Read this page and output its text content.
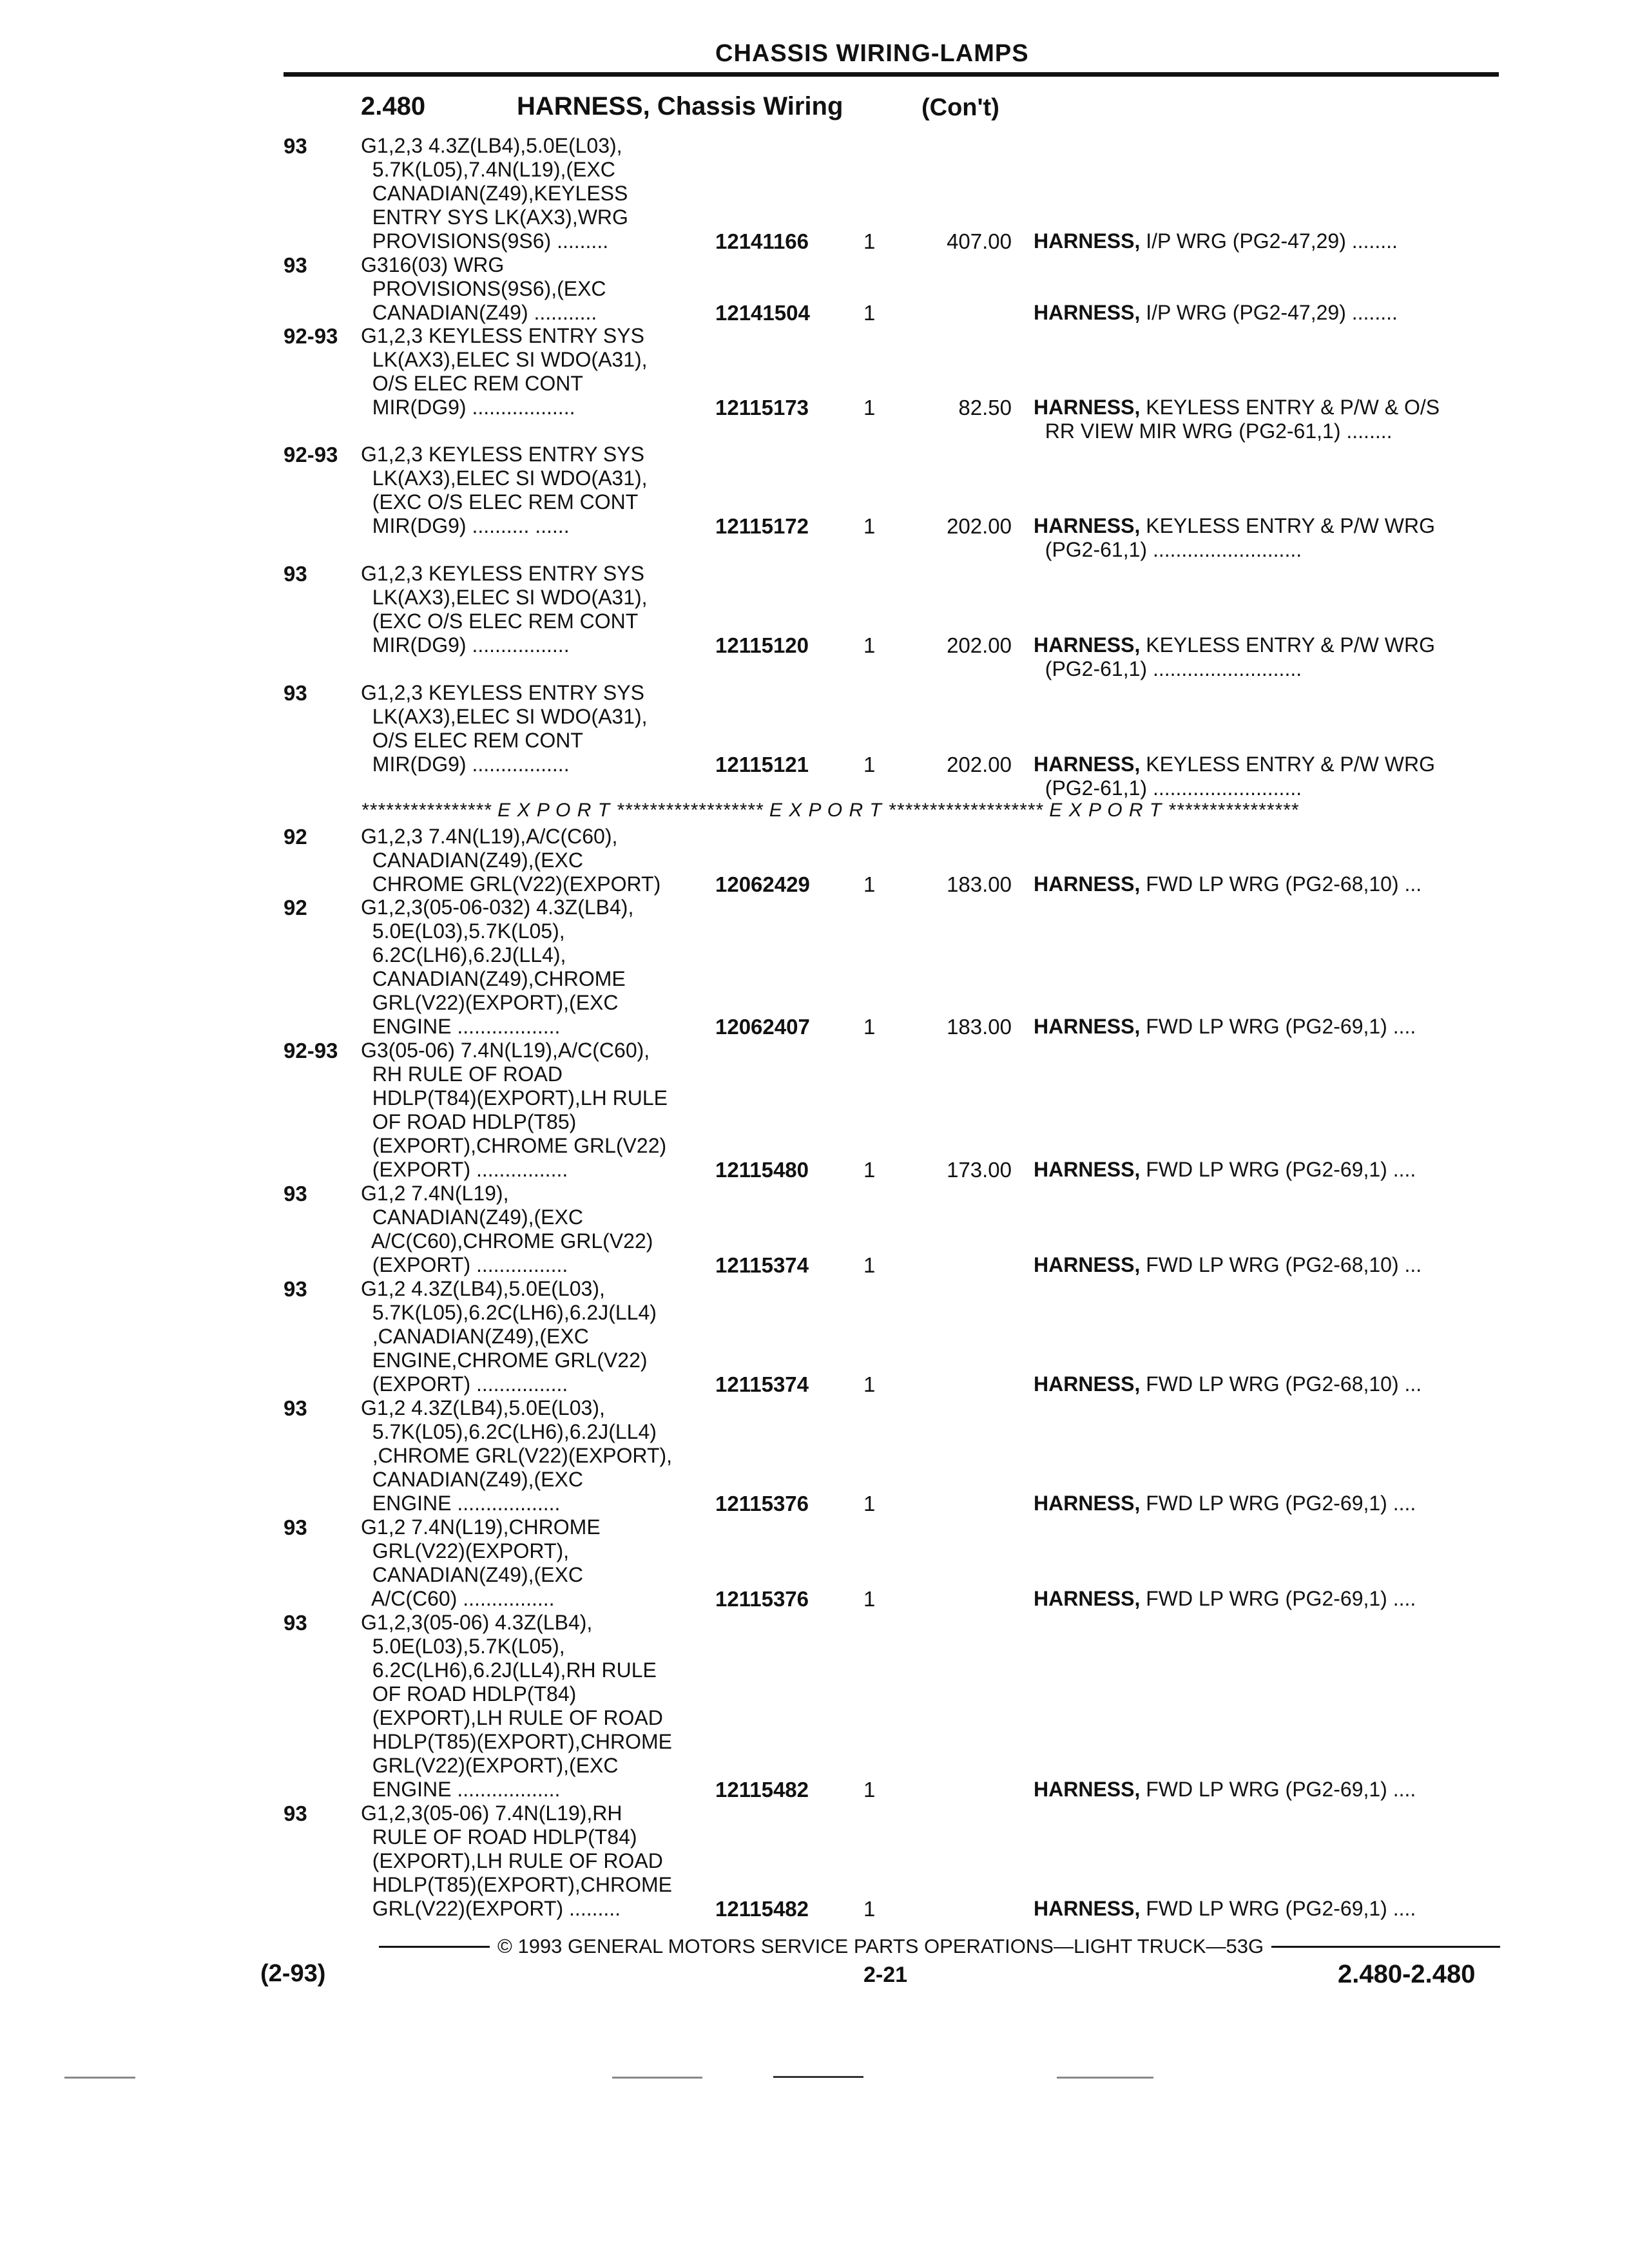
CHASSIS WIRING-LAMPS
2.480	HARNESS, Chassis Wiring	(Con't)
93	G1,2,3 4.3Z(LB4),5.0E(L03),
5.7K(L05),7.4N(L19),(EXC
CANADIAN(Z49),KEYLESS
ENTRY SYS LK(AX3),WRG
PROVISIONS(9S6) .........	12141166	1	407.00 HARNESS, I/P WRG (PG2-47,29) ........
93	G316(03) WRG
PROVISIONS(9S6),(EXC
CANADIAN(Z49) ...........	12141504	1	HARNESS, I/P WRG (PG2-47,29) ........
92-93	G1,2,3 KEYLESS ENTRY SYS
LK(AX3),ELEC SI WDO(A31),
O/S ELEC REM CONT
MIR(DG9) ..................	12115173	1	82.50 HARNESS, KEYLESS ENTRY & P/W & O/S
RR VIEW MIR WRG (PG2-61,1) ........
92-93	G1,2,3 KEYLESS ENTRY SYS
LK(AX3),ELEC SI WDO(A31),
(EXC O/S ELEC REM CONT
MIR(DG9) .......... ......	12115172	1	202.00 HARNESS, KEYLESS ENTRY & P/W WRG
(PG2-61,1) ..........................
93	G1,2,3 KEYLESS ENTRY SYS
LK(AX3),ELEC SI WDO(A31),
(EXC O/S ELEC REM CONT
MIR(DG9) .................	12115120	1	202.00 HARNESS, KEYLESS ENTRY & P/W WRG
(PG2-61,1) ..........................
93	G1,2,3 KEYLESS ENTRY SYS
LK(AX3),ELEC SI WDO(A31),
O/S ELEC REM CONT
MIR(DG9) .................	12115121	1	202.00 HARNESS, KEYLESS ENTRY & P/W WRG
(PG2-61,1) ..........................
**************** E X P O R T ****************** E X P O R T ******************* E X P O R T ****************
92	G1,2,3 7.4N(L19),A/C(C60),
CANADIAN(Z49),(EXC
CHROME GRL(V22)(EXPORT)	12062429	1	183.00 HARNESS, FWD LP WRG (PG2-68,10) ...
92	G1,2,3(05-06-032) 4.3Z(LB4),
5.0E(L03),5.7K(L05),
6.2C(LH6),6.2J(LL4),
CANADIAN(Z49),CHROME
GRL(V22)(EXPORT),(EXC
ENGINE ..................	12062407	1	183.00 HARNESS, FWD LP WRG (PG2-69,1) ....
92-93	G3(05-06) 7.4N(L19),A/C(C60),
RH RULE OF ROAD
HDLP(T84)(EXPORT),LH RULE
OF ROAD HDLP(T85)
(EXPORT),CHROME GRL(V22)
(EXPORT) ................	12115480	1	173.00 HARNESS, FWD LP WRG (PG2-69,1) ....
93	G1,2 7.4N(L19),
CANADIAN(Z49),(EXC
A/C(C60),CHROME GRL(V22)
(EXPORT) ................	12115374	1	HARNESS, FWD LP WRG (PG2-68,10) ...
93	G1,2 4.3Z(LB4),5.0E(L03),
5.7K(L05),6.2C(LH6),6.2J(LL4)
,CANADIAN(Z49),(EXC
ENGINE,CHROME GRL(V22)
(EXPORT) ................	12115374	1	HARNESS, FWD LP WRG (PG2-68,10) ...
93	G1,2 4.3Z(LB4),5.0E(L03),
5.7K(L05),6.2C(LH6),6.2J(LL4)
,CHROME GRL(V22)(EXPORT),
CANADIAN(Z49),(EXC
ENGINE ..................	12115376	1	HARNESS, FWD LP WRG (PG2-69,1) ....
93	G1,2 7.4N(L19),CHROME
GRL(V22)(EXPORT),
CANADIAN(Z49),(EXC
A/C(C60) ................	12115376	1	HARNESS, FWD LP WRG (PG2-69,1) ....
93	G1,2,3(05-06) 4.3Z(LB4),
5.0E(L03),5.7K(L05),
6.2C(LH6),6.2J(LL4),RH RULE
OF ROAD HDLP(T84)
(EXPORT),LH RULE OF ROAD
HDLP(T85)(EXPORT),CHROME
GRL(V22)(EXPORT),(EXC
ENGINE ..................	12115482	1	HARNESS, FWD LP WRG (PG2-69,1) ....
93	G1,2,3(05-06) 7.4N(L19),RH
RULE OF ROAD HDLP(T84)
(EXPORT),LH RULE OF ROAD
HDLP(T85)(EXPORT),CHROME
GRL(V22)(EXPORT) .........	12115482	1	HARNESS, FWD LP WRG (PG2-69,1) ....
© 1993 GENERAL MOTORS SERVICE PARTS OPERATIONS—LIGHT TRUCK—53G
(2-93)	2-21	2.480-2.480
